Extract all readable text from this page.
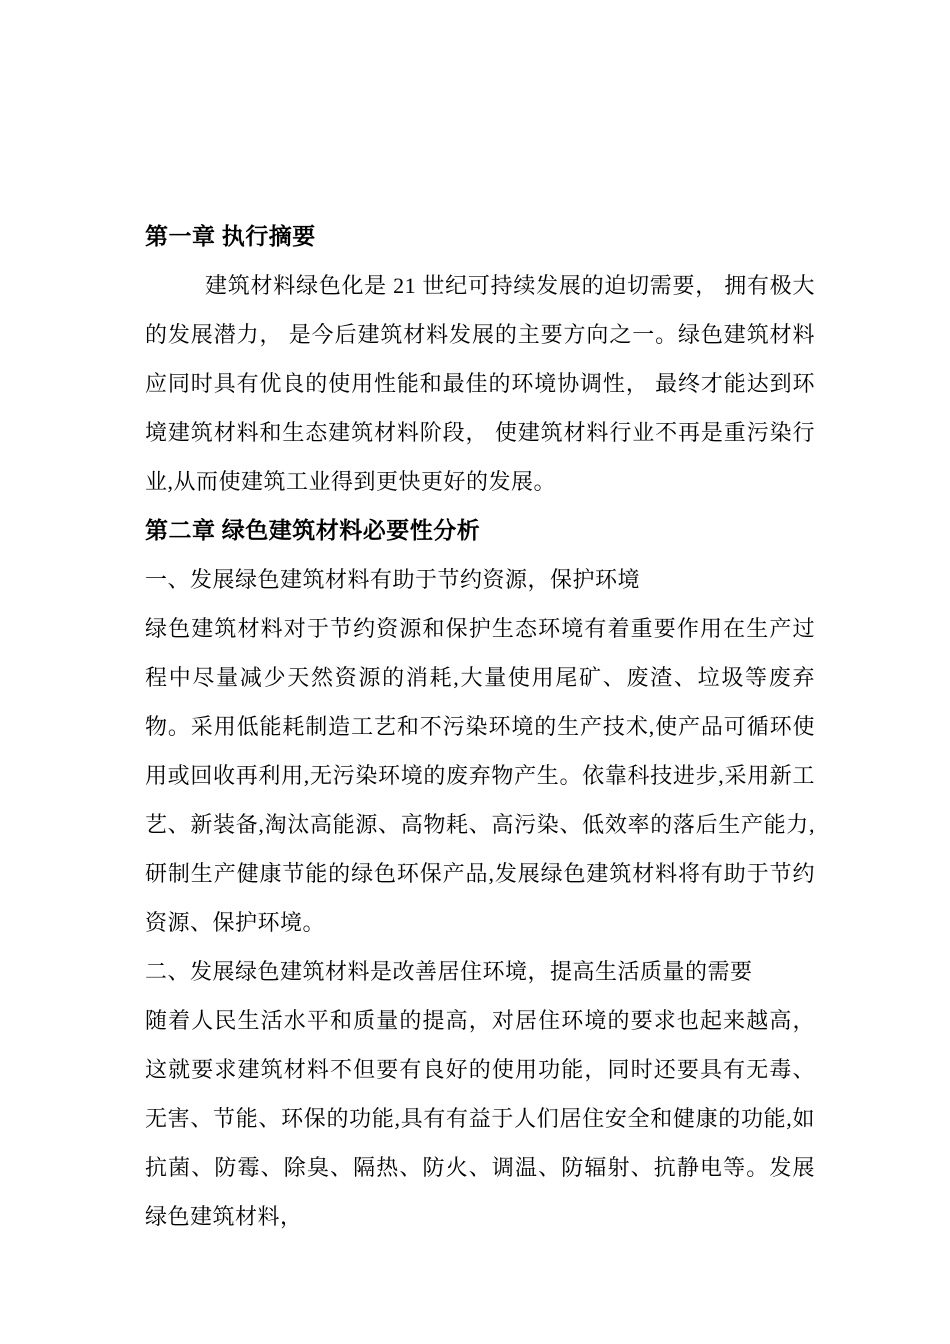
第一章 执行摘要

建筑材料绿色化是 21 世纪可持续发展的迫切需要， 拥有极大的发展潜力， 是今后建筑材料发展的主要方向之一。绿色建筑材料应同时具有优良的使用性能和最佳的环境协调性， 最终才能达到环境建筑材料和生态建筑材料阶段， 使建筑材料行业不再是重污染行业,从而使建筑工业得到更快更好的发展。

第二章 绿色建筑材料必要性分析

一、发展绿色建筑材料有助于节约资源，保护环境

绿色建筑材料对于节约资源和保护生态环境有着重要作用在生产过程中尽量减少天然资源的消耗,大量使用尾矿、废渣、垃圾等废弃物。采用低能耗制造工艺和不污染环境的生产技术,使产品可循环使用或回收再利用,无污染环境的废弃物产生。依靠科技进步,采用新工艺、新装备,淘汰高能源、高物耗、高污染、低效率的落后生产能力,研制生产健康节能的绿色环保产品,发展绿色建筑材料将有助于节约资源、保护环境。

二、发展绿色建筑材料是改善居住环境，提高生活质量的需要

随着人民生活水平和质量的提高，对居住环境的要求也起来越高，这就要求建筑材料不但要有良好的使用功能，同时还要具有无毒、无害、节能、环保的功能,具有有益于人们居住安全和健康的功能,如抗菌、防霉、除臭、隔热、防火、调温、防辐射、抗静电等。发展绿色建筑材料，
